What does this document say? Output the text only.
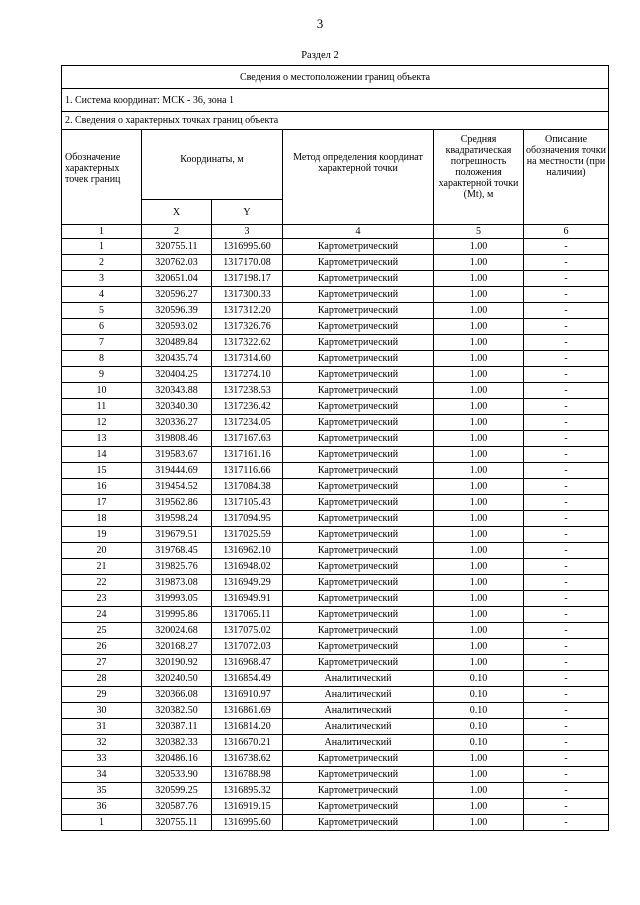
3
Раздел 2
Сведения о местоположении границ объекта					
1. Система координат: МСК - 36, зона 1					
2. Сведения о характерных точках границ объекта					
Обозначение характерных точек границ	Координаты, м		Метод определения координат характерной точки	Средняя квадратическая погрешность положения характерной точки (Mt), м	Описание обозначения точки на местности (при наличии)
	X	Y			
1	2	3	4	5	6
1	320755.11	1316995.60	Картометрический	1.00	-
2	320762.03	1317170.08	Картометрический	1.00	-
3	320651.04	1317198.17	Картометрический	1.00	-
4	320596.27	1317300.33	Картометрический	1.00	-
5	320596.39	1317312.20	Картометрический	1.00	-
6	320593.02	1317326.76	Картометрический	1.00	-
7	320489.84	1317322.62	Картометрический	1.00	-
8	320435.74	1317314.60	Картометрический	1.00	-
9	320404.25	1317274.10	Картометрический	1.00	-
10	320343.88	1317238.53	Картометрический	1.00	-
11	320340.30	1317236.42	Картометрический	1.00	-
12	320336.27	1317234.05	Картометрический	1.00	-
13	319808.46	1317167.63	Картометрический	1.00	-
14	319583.67	1317161.16	Картометрический	1.00	-
15	319444.69	1317116.66	Картометрический	1.00	-
16	319454.52	1317084.38	Картометрический	1.00	-
17	319562.86	1317105.43	Картометрический	1.00	-
18	319598.24	1317094.95	Картометрический	1.00	-
19	319679.51	1317025.59	Картометрический	1.00	-
20	319768.45	1316962.10	Картометрический	1.00	-
21	319825.76	1316948.02	Картометрический	1.00	-
22	319873.08	1316949.29	Картометрический	1.00	-
23	319993.05	1316949.91	Картометрический	1.00	-
24	319995.86	1317065.11	Картометрический	1.00	-
25	320024.68	1317075.02	Картометрический	1.00	-
26	320168.27	1317072.03	Картометрический	1.00	-
27	320190.92	1316968.47	Картометрический	1.00	-
28	320240.50	1316854.49	Аналитический	0.10	-
29	320366.08	1316910.97	Аналитический	0.10	-
30	320382.50	1316861.69	Аналитический	0.10	-
31	320387.11	1316814.20	Аналитический	0.10	-
32	320382.33	1316670.21	Аналитический	0.10	-
33	320486.16	1316738.62	Картометрический	1.00	-
34	320533.90	1316788.98	Картометрический	1.00	-
35	320599.25	1316895.32	Картометрический	1.00	-
36	320587.76	1316919.15	Картометрический	1.00	-
1	320755.11	1316995.60	Картометрический	1.00	-
